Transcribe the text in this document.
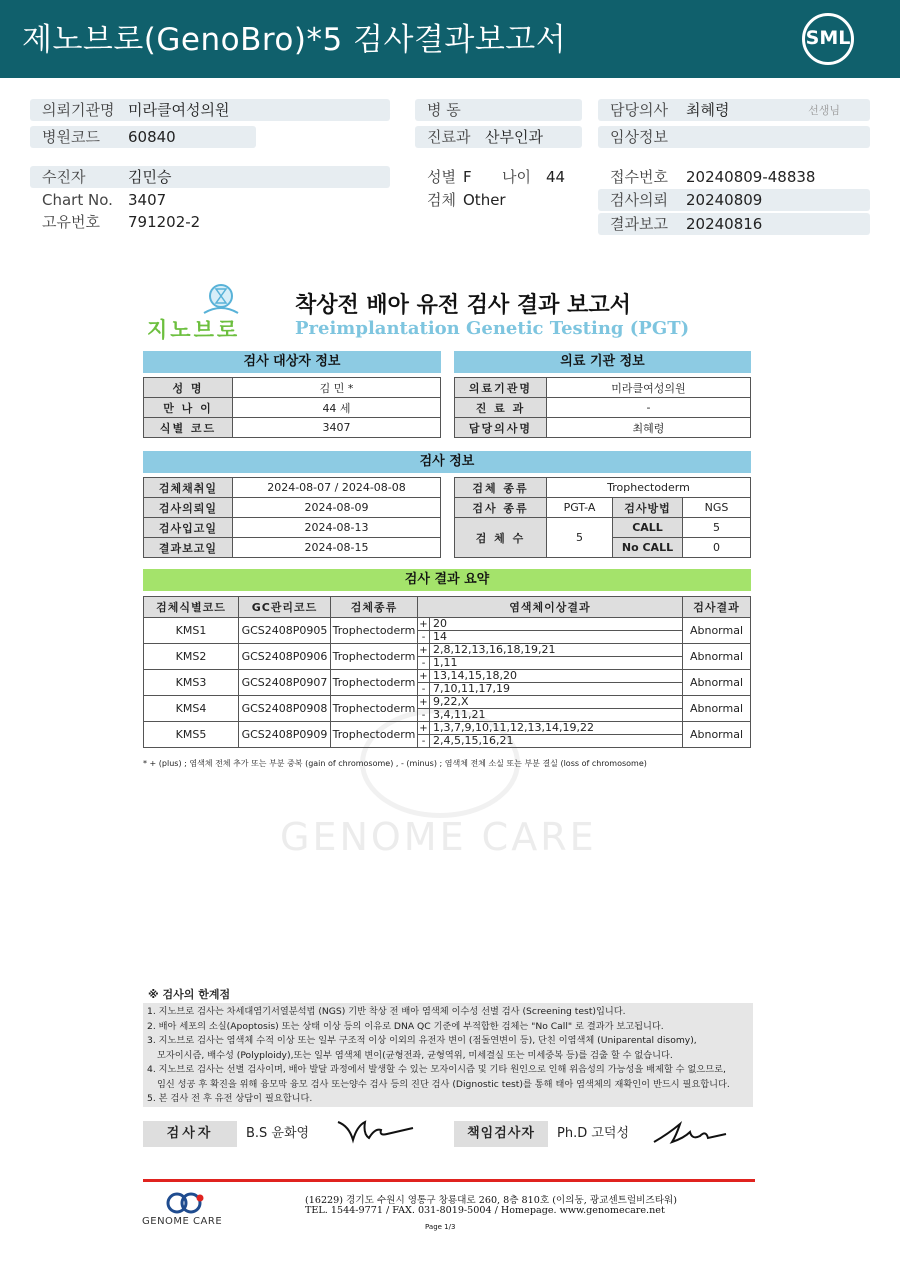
제노브로(GenoBro)*5 검사결과보고서	SML
의뢰기관명 미라클여성의원
병원코드 60840
수진자	김민승
Chart No. 3407
고유번호 791202-2
병 동
진료과 산부인과
성별 F 나이 44
검체 Other
담당의사 최혜령	선생님
임상정보
접수번호 20240809-48838
검사의뢰 20240809
결과보고 20240816
지노브로
착상전 배아 유전 검사 결과 보고서
Preimplantation Genetic Testing (PGT)
검사 대상자 정보
성 명	김 민 *
만 나 이	44 세
식별 코드	3407
의료 기관 정보
의료기관명	미라클여성의원
진 료 과	-
담당의사명	최혜령
검사 정보
검체채취일	2024-08-07 / 2024-08-08
검사의뢰일	2024-08-09
검사입고일	2024-08-13
결과보고일	2024-08-15
검체 종류	Trophectoderm		
검사 종류	PGT-A	검사방법	NGS
검 체 수	5	CALL	5
		No CALL	0
검사 결과 요약
GENOME CARE
검체식별코드	GC관리코드	검체종류	염색체이상결과		검사결과
KMS1	GCS2408P0905	Trophectoderm	+	20	Abnormal
			-	14	
KMS2	GCS2408P0906	Trophectoderm	+	2,8,12,13,16,18,19,21	Abnormal
			-	1,11	
KMS3	GCS2408P0907	Trophectoderm	+	13,14,15,18,20	Abnormal
			-	7,10,11,17,19	
KMS4	GCS2408P0908	Trophectoderm	+	9,22,X	Abnormal
			-	3,4,11,21	
KMS5	GCS2408P0909	Trophectoderm	+	1,3,7,9,10,11,12,13,14,19,22	Abnormal
			-	2,4,5,15,16,21	
* + (plus) ; 염색체 전체 추가 또는 부분 중복 (gain of chromosome) , - (minus) ; 염색체 전체 소실 또는 부분 결실 (loss of chromosome)
※ 검사의 한계점
1. 지노브로 검사는 차세대염기서열분석법 (NGS) 기반 착상 전 배아 염색체 이수성 선별 검사 (Screening test)입니다.
2. 배아 세포의 소실(Apoptosis) 또는 상태 이상 등의 이유로 DNA QC 기준에 부적합한 검체는 "No Call" 로 결과가 보고됩니다.
3. 지노브로 검사는 염색체 수적 이상 또는 일부 구조적 이상 이외의 유전자 변이 (점돌연변이 등), 단친 이염색체 (Uniparental disomy),
모자이시즘, 배수성 (Polyploidy),또는 일부 염색체 변이(균형전좌, 균형역위, 미세결실 또는 미세중복 등)를 검출 할 수 없습니다.
4. 지노브로 검사는 선별 검사이며, 배아 발달 과정에서 발생할 수 있는 모자이시즘 및 기타 원인으로 인해 위음성의 가능성을 배제할 수 없으므로,
임신 성공 후 확진을 위해 융모막 융모 검사 또는양수 검사 등의 진단 검사 (Dignostic test)를 통해 태아 염색체의 재확인이 반드시 필요합니다.
5. 본 검사 전 후 유전 상담이 필요합니다.
검사자	B.S 윤화영	책임검사자	Ph.D 고덕성
GENOME CARE
(16229) 경기도 수원시 영통구 창룡대로 260, 8층 810호 (이의동, 광교센트럴비즈타워)
TEL. 1544-9771 / FAX. 031-8019-5004 / Homepage. www.genomecare.net
Page 1/3
